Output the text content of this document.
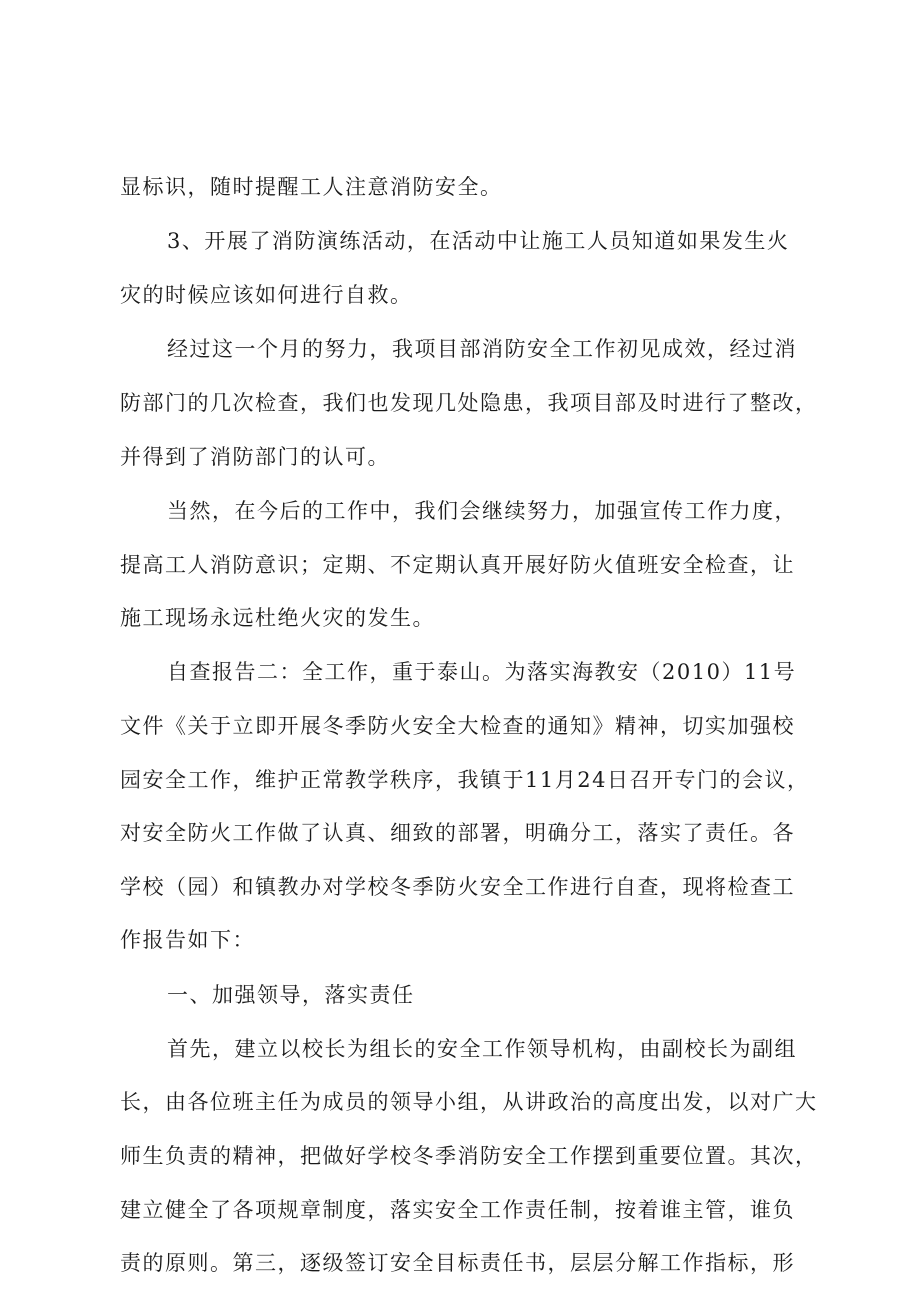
显标识，随时提醒工人注意消防安全。
3、开展了消防演练活动，在活动中让施工人员知道如果发生火
灾的时候应该如何进行自救。
经过这一个月的努力，我项目部消防安全工作初见成效，经过消
防部门的几次检查，我们也发现几处隐患，我项目部及时进行了整改，
并得到了消防部门的认可。
当然，在今后的工作中，我们会继续努力，加强宣传工作力度，
提高工人消防意识；定期、不定期认真开展好防火值班安全检查，让
施工现场永远杜绝火灾的发生。
自查报告二：全工作，重于泰山。为落实海教安（2010）11号
文件《关于立即开展冬季防火安全大检查的通知》精神，切实加强校
园安全工作，维护正常教学秩序，我镇于11月24日召开专门的会议，
对安全防火工作做了认真、细致的部署，明确分工，落实了责任。各
学校（园）和镇教办对学校冬季防火安全工作进行自查，现将检查工
作报告如下：
一、加强领导，落实责任
首先，建立以校长为组长的安全工作领导机构，由副校长为副组
长，由各位班主任为成员的领导小组，从讲政治的高度出发，以对广大
师生负责的精神，把做好学校冬季消防安全工作摆到重要位置。其次，
建立健全了各项规章制度，落实安全工作责任制，按着谁主管，谁负
责的原则。第三，逐级签订安全目标责任书，层层分解工作指标，形
